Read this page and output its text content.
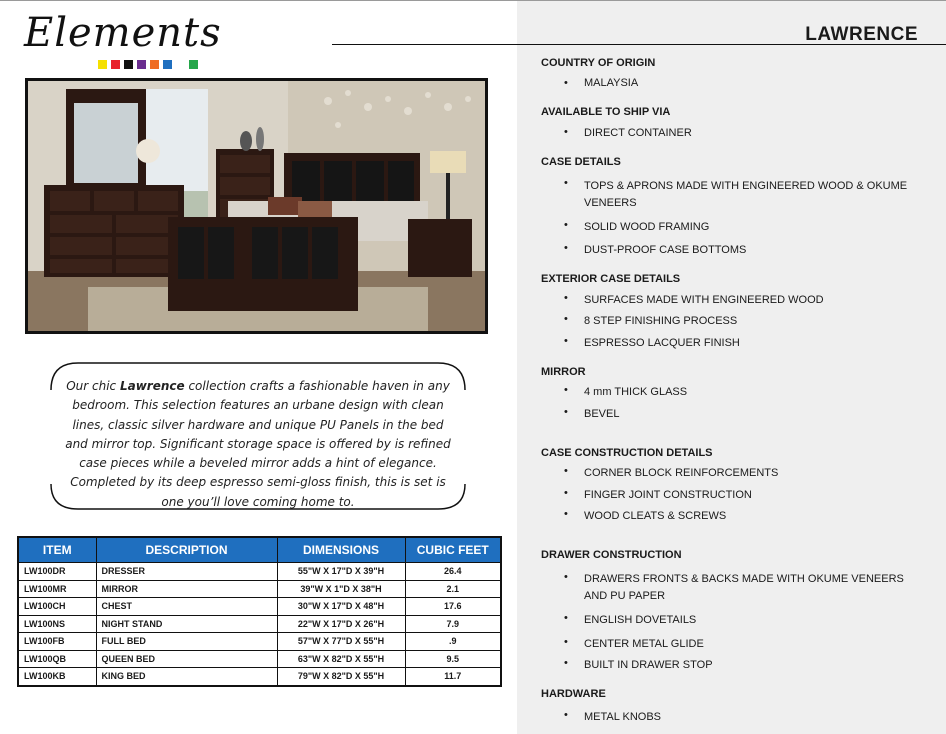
Elements	LAWRENCE
Our chic Lawrence collection crafts a fashionable haven in any bedroom. This selection features an urbane design with clean lines, classic silver hardware and unique PU Panels in the bed and mirror top. Significant storage space is offered by is refined case pieces while a beveled mirror adds a hint of elegance. Completed by its deep espresso semi-gloss finish, this is set is one you’ll love coming home to.
ITEM	DESCRIPTION	DIMENSIONS	CUBIC FEET
LW100DR	DRESSER	55"W X 17"D X 39"H	26.4
LW100MR	MIRROR	39"W X 1"D X 38"H	2.1
LW100CH	CHEST	30"W X 17"D X 48"H	17.6
LW100NS	NIGHT STAND	22"W X 17"D X 26"H	7.9
LW100FB	FULL BED	57"W X 77"D X 55"H	.9
LW100QB	QUEEN BED	63"W X 82"D X 55"H	9.5
LW100KB	KING BED	79"W X 82"D X 55"H	11.7
COUNTRY OF ORIGIN
• MALAYSIA
AVAILABLE TO SHIP VIA
• DIRECT CONTAINER
CASE DETAILS
• TOPS & APRONS MADE WITH ENGINEERED WOOD & OKUME VENEERS
• SOLID WOOD FRAMING
• DUST-PROOF CASE BOTTOMS
EXTERIOR CASE DETAILS
• SURFACES MADE WITH ENGINEERED WOOD
• 8 STEP FINISHING PROCESS
• ESPRESSO LACQUER FINISH
MIRROR
• 4 mm THICK GLASS
• BEVEL
CASE CONSTRUCTION DETAILS
• CORNER BLOCK REINFORCEMENTS
• FINGER JOINT CONSTRUCTION
• WOOD CLEATS & SCREWS
DRAWER CONSTRUCTION
• DRAWERS FRONTS & BACKS MADE WITH OKUME VENEERS AND PU PAPER
• ENGLISH DOVETAILS
• CENTER METAL GLIDE
• BUILT IN DRAWER STOP
HARDWARE
• METAL KNOBS
